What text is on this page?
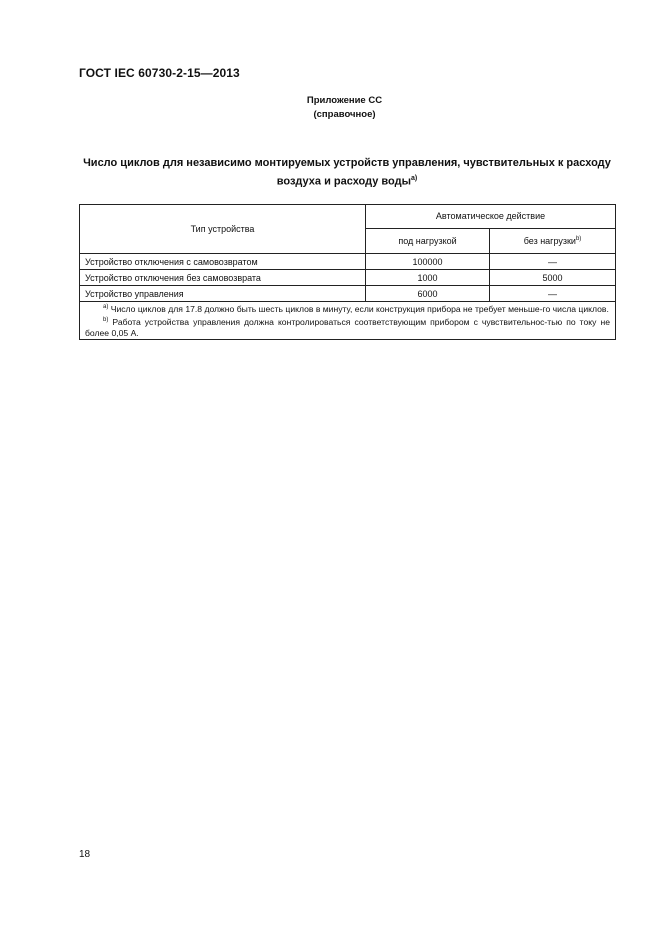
ГОСТ IEC 60730-2-15—2013
Приложение СС
(справочное)
Число циклов для независимо монтируемых устройств управления, чувствительных к расходу воздуха и расходу воды$^{а)}$
Тип устройства	Автоматическое действие	
	под нагрузкой	без нагрузки$^{b)}$
Устройство отключения с самовозвратом	100000	—
Устройство отключения без самовозврата	1000	5000
Устройство управления	6000	—

$^{а)}$ Число циклов для 17.8 должно быть шесть циклов в минуту, если конструкция прибора не требует меньше-го числа циклов.
$^{b)}$ Работа устройства управления должна контролироваться соответствующим прибором с чувствительнос-тью по току не более 0,05 А.		
18
